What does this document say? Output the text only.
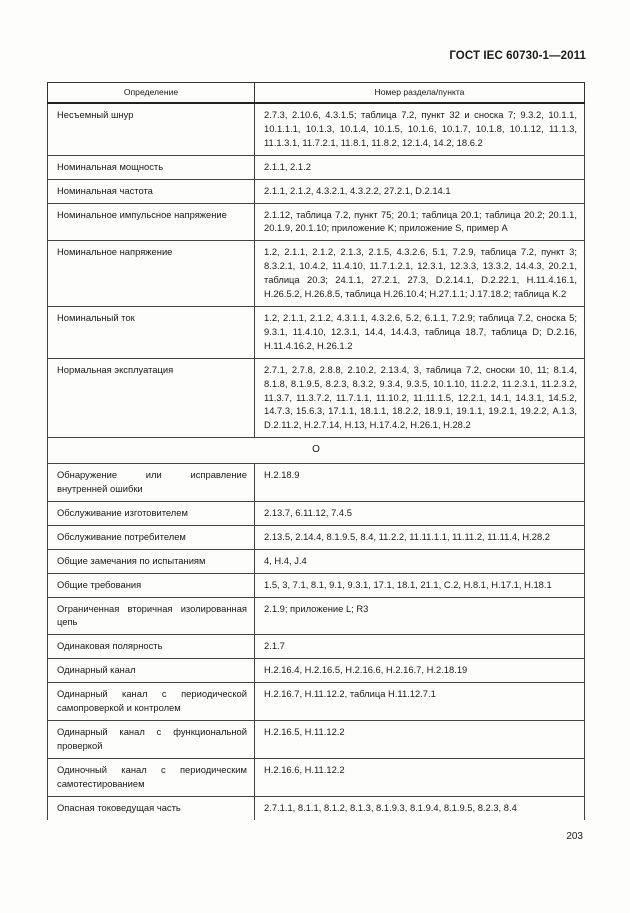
ГОСТ IEC 60730-1—2011
Определение	Номер раздела/пункта
Несъемный шнур	2.7.3, 2.10.6, 4.3.1.5; таблица 7.2, пункт 32 и сноска 7; 9.3.2, 10.1.1, 10.1.1.1, 10.1.3, 10.1.4, 10.1.5, 10.1.6, 10.1.7, 10.1.8, 10.1.12, 11.1.3, 11.1.3.1, 11.7.2.1, 11.8.1, 11.8.2, 12.1.4, 14.2, 18.6.2
Номинальная мощность	2.1.1, 2.1.2
Номинальная частота	2.1.1, 2.1.2, 4.3.2.1, 4.3.2.2, 27.2.1, D.2.14.1
Номинальное импульсное напряжение	2.1.12, таблица 7.2, пункт 75; 20.1; таблица 20.1; таблица 20.2; 20.1.1, 20.1.9, 20.1.10; приложение K; приложение S, пример A
Номинальное напряжение	1.2, 2.1.1, 2.1.2, 2.1.3, 2.1.5, 4.3.2.6, 5.1, 7.2.9, таблица 7.2, пункт 3; 8.3.2.1, 10.4.2, 11.4.10, 11.7.1.2.1, 12.3.1, 12.3.3, 13.3.2, 14.4.3, 20.2.1, таблица 20.3; 24.1.1, 27.2.1, 27.3, D.2.14.1, D.2.22.1, H.11.4.16.1, H.26.5.2, H.26.8.5, таблица H.26.10.4; H.27.1.1; J.17.18.2; таблица K.2
Номинальный ток	1.2, 2.1.1, 2.1.2, 4.3.1.1, 4.3.2.6, 5.2, 6.1.1, 7.2.9; таблица 7.2, сноска 5; 9.3.1, 11.4.10, 12.3.1, 14.4, 14.4.3, таблица 18.7, таблица D; D.2.16, H.11.4.16.2, H.26.1.2
Нормальная эксплуатация	2.7.1, 2.7.8, 2.8.8, 2.10.2, 2.13.4, 3, таблица 7.2, сноски 10, 11; 8.1.4, 8.1.8, 8.1.9.5, 8.2.3, 8.3.2, 9.3.4, 9.3.5, 10.1.10, 11.2.2, 11.2.3.1, 11.2.3.2, 11.3.7, 11.3.7.2, 11.7.1.1, 11.10.2, 11.11.1.5, 12.2.1, 14.1, 14.3.1, 14.5.2, 14.7.3, 15.6.3, 17.1.1, 18.1.1, 18.2.2, 18.9.1, 19.1.1, 19.2.1, 19.2.2, A.1.3, D.2.11.2, H.2.7.14, H.13, H.17.4.2, H.26.1, H.28.2
О	
Обнаружение или исправление внутренней ошибки	H.2.18.9
Обслуживание изготовителем	2.13.7, 6.11.12, 7.4.5
Обслуживание потребителем	2.13.5, 2.14.4, 8.1.9.5, 8.4, 11.2.2, 11.11.1.1, 11.11.2, 11.11.4, H.28.2
Общие замечания по испытаниям	4, H.4, J.4
Общие требования	1.5, 3, 7.1, 8.1, 9.1, 9.3.1, 17.1, 18.1, 21.1, C.2, H.8.1, H.17.1, H.18.1
Ограниченная вторичная изолированная цепь	2.1.9; приложение L; R3
Одинаковая полярность	2.1.7
Одинарный канал	H.2.16.4, H.2.16.5, H.2.16.6, H.2.16.7, H.2.18.19
Одинарный канал с периодической самопроверкой и контролем	H.2.16.7, H.11.12.2, таблица H.11.12.7.1
Одинарный канал с функциональной проверкой	H.2.16.5, H.11.12.2
Одиночный канал с периодическим самотестированием	H.2.16.6, H.11.12.2
Опасная токоведущая часть	2.7.1.1, 8.1.1, 8.1.2, 8.1.3, 8.1.9.3, 8.1.9.4, 8.1.9.5, 8.2.3, 8.4
203
